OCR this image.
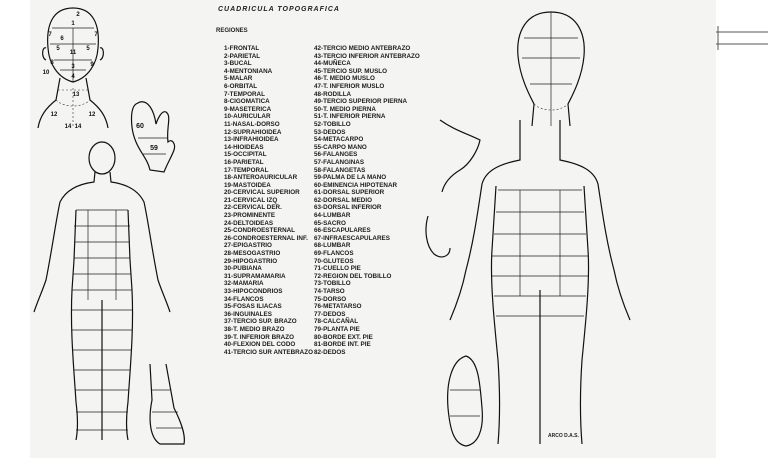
CUADRICULA TOPOGRAFICA
REGIONES
1-FRONTAL
2-PARIETAL
3-BUCAL
4-MENTONIANA
5-MALAR
6-ORBITAL
7-TEMPORAL
8-CIGOMATICA
9-MASETERICA
10-AURICULAR
11-NASAL-DORSO
12-SUPRAHIOIDEA
13-INFRAHIOIDEA
14-HIOIDEAS
15-OCCIPITAL
16-PARIETAL
17-TEMPORAL
18-ANTEROAURICULAR
19-MASTOIDEA
20-CERVICAL SUPERIOR
21-CERVICAL IZQ
22-CERVICAL DER.
23-PROMINENTE
24-DELTOIDEAS
25-CONDROESTERNAL
26-CONDROESTERNAL INF.
27-EPIGASTRIO
28-MESOGASTRIO
29-HIPOGASTRIO
30-PUBIANA
31-SUPRAMAMARIA
32-MAMARIA
33-HIPOCONDRIOS
34-FLANCOS
35-FOSAS ILIACAS
36-INGUINALES
37-TERCIO SUP. BRAZO
38-T. MEDIO BRAZO
39-T. INFERIOR BRAZO
40-FLEXION DEL CODO
41-TERCIO SUR ANTEBRAZO
42-TERCIO MEDIO ANTEBRAZO
43-TERCIO INFERIOR ANTEBRAZO
44-MUÑECA
45-TERCIO SUP. MUSLO
46-T. MEDIO MUSLO
47-T. INFERIOR MUSLO
48-RODILLA
49-TERCIO SUPERIOR PIERNA
50-T. MEDIO PIERNA
51-T. INFERIOR PIERNA
52-TOBILLO
53-DEDOS
54-METACARPO
55-CARPO MANO
56-FALANGES
57-FALANGINAS
58-FALANGETAS
59-PALMA DE LA MANO
60-EMINENCIA HIPOTENAR
61-DORSAL SUPERIOR
62-DORSAL MEDIO
63-DORSAL INFERIOR
64-LUMBAR
65-SACRO
66-ESCAPULARES
67-INFRAESCAPULARES
68-LUMBAR
69-FLANCOS
70-GLUTEOS
71-CUELLO PIE
72-REGION DEL TOBILLO
73-TOBILLO
74-TARSO
75-DORSO
76-METATARSO
77-DEDOS
78-CALCAÑAL
79-PLANTA PIE
80-BORDE EXT. PIE
81-BORDE INT. PIE
82-DEDOS
ARCO D.A.S.
2
1
7
6
7
5
11
5
8
3	9
4
10
13
12
14
12
14	60
59
